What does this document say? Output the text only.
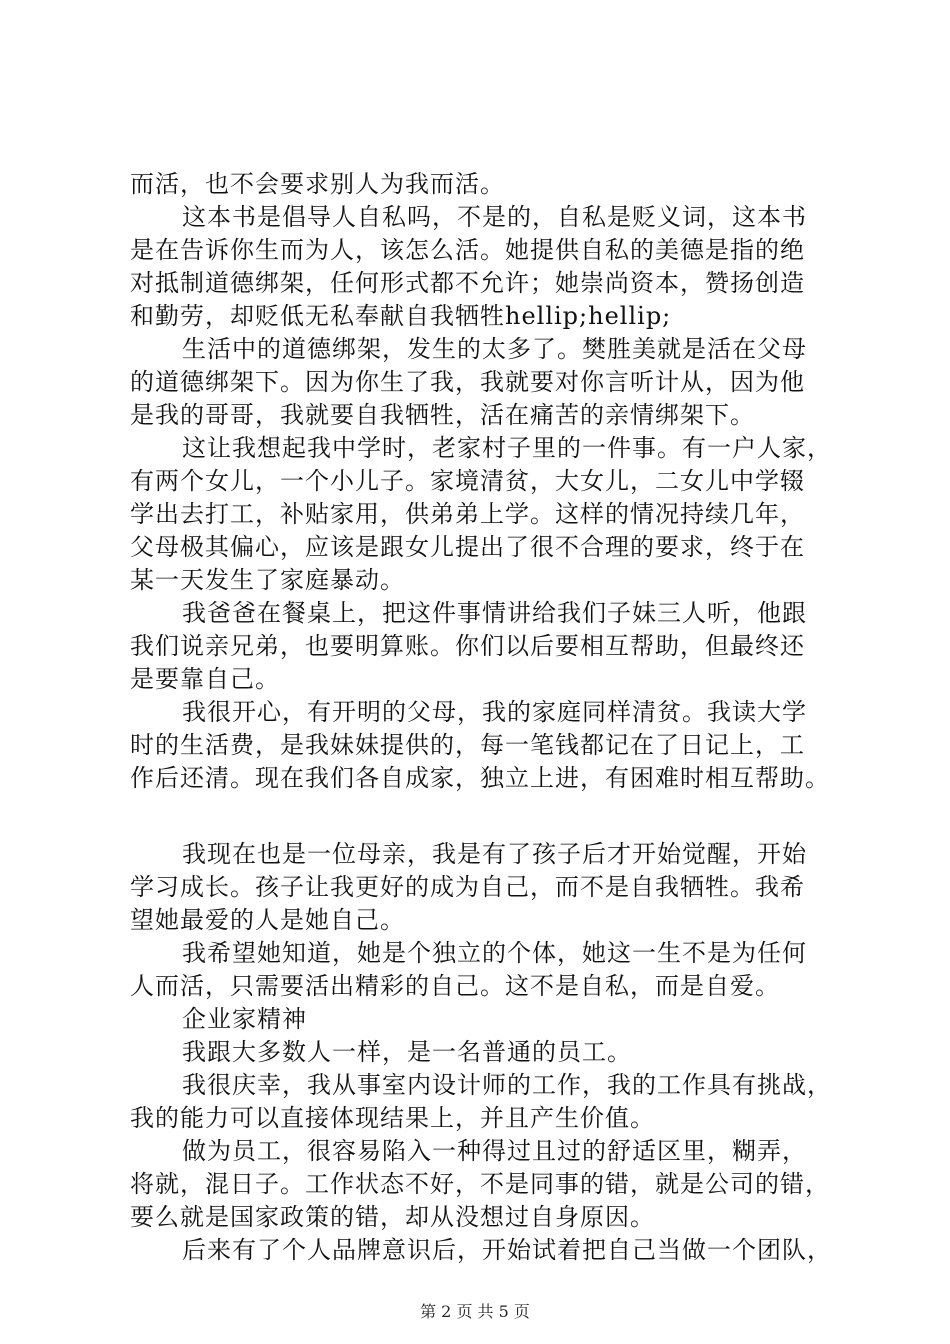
而活，也不会要求别人为我而活。
这本书是倡导人自私吗，不是的，自私是贬义词，这本书
是在告诉你生而为人，该怎么活。她提供自私的美德是指的绝
对抵制道德绑架，任何形式都不允许；她崇尚资本，赞扬创造
和勤劳，却贬低无私奉献自我牺牲hellip;hellip;
生活中的道德绑架，发生的太多了。樊胜美就是活在父母
的道德绑架下。因为你生了我，我就要对你言听计从，因为他
是我的哥哥，我就要自我牺牲，活在痛苦的亲情绑架下。
这让我想起我中学时，老家村子里的一件事。有一户人家，
有两个女儿，一个小儿子。家境清贫，大女儿，二女儿中学辍
学出去打工，补贴家用，供弟弟上学。这样的情况持续几年，
父母极其偏心，应该是跟女儿提出了很不合理的要求，终于在
某一天发生了家庭暴动。
我爸爸在餐桌上，把这件事情讲给我们子妹三人听，他跟
我们说亲兄弟，也要明算账。你们以后要相互帮助，但最终还
是要靠自己。
我很开心，有开明的父母，我的家庭同样清贫。我读大学
时的生活费，是我妹妹提供的，每一笔钱都记在了日记上，工
作后还清。现在我们各自成家，独立上进，有困难时相互帮助。
我现在也是一位母亲，我是有了孩子后才开始觉醒，开始
学习成长。孩子让我更好的成为自己，而不是自我牺牲。我希
望她最爱的人是她自己。
我希望她知道，她是个独立的个体，她这一生不是为任何
人而活，只需要活出精彩的自己。这不是自私，而是自爱。
企业家精神
我跟大多数人一样，是一名普通的员工。
我很庆幸，我从事室内设计师的工作，我的工作具有挑战，
我的能力可以直接体现结果上，并且产生价值。
做为员工，很容易陷入一种得过且过的舒适区里，糊弄，
将就，混日子。工作状态不好，不是同事的错，就是公司的错，
要么就是国家政策的错，却从没想过自身原因。
后来有了个人品牌意识后，开始试着把自己当做一个团队，
第 2 页 共 5 页
